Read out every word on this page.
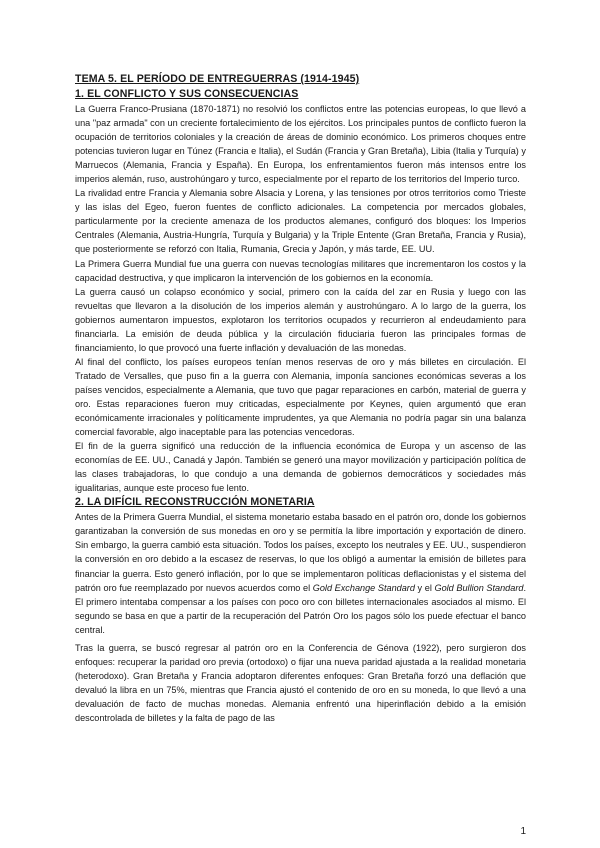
TEMA 5. EL PERÍODO DE ENTREGUERRAS (1914-1945)
1. EL CONFLICTO Y SUS CONSECUENCIAS

La Guerra Franco-Prusiana (1870-1871) no resolvió los conflictos entre las potencias europeas, lo que llevó a una "paz armada" con un creciente fortalecimiento de los ejércitos. Los principales puntos de conflicto fueron la ocupación de territorios coloniales y la creación de áreas de dominio económico. Los primeros choques entre potencias tuvieron lugar en Túnez (Francia e Italia), el Sudán (Francia y Gran Bretaña), Libia (Italia y Turquía) y Marruecos (Alemania, Francia y España). En Europa, los enfrentamientos fueron más intensos entre los imperios alemán, ruso, austrohúngaro y turco, especialmente por el reparto de los territorios del Imperio turco.

La rivalidad entre Francia y Alemania sobre Alsacia y Lorena, y las tensiones por otros territorios como Trieste y las islas del Egeo, fueron fuentes de conflicto adicionales. La competencia por mercados globales, particularmente por la creciente amenaza de los productos alemanes, configuró dos bloques: los Imperios Centrales (Alemania, Austria-Hungría, Turquía y Bulgaria) y la Triple Entente (Gran Bretaña, Francia y Rusia), que posteriormente se reforzó con Italia, Rumania, Grecia y Japón, y más tarde, EE. UU.

La Primera Guerra Mundial fue una guerra con nuevas tecnologías militares que incrementaron los costos y la capacidad destructiva, y que implicaron la intervención de los gobiernos en la economía.

La guerra causó un colapso económico y social, primero con la caída del zar en Rusia y luego con las revueltas que llevaron a la disolución de los imperios alemán y austrohúngaro. A lo largo de la guerra, los gobiernos aumentaron impuestos, explotaron los territorios ocupados y recurrieron al endeudamiento para financiarla. La emisión de deuda pública y la circulación fiduciaria fueron las principales formas de financiamiento, lo que provocó una fuerte inflación y devaluación de las monedas.

Al final del conflicto, los países europeos tenían menos reservas de oro y más billetes en circulación. El Tratado de Versalles, que puso fin a la guerra con Alemania, imponía sanciones económicas severas a los países vencidos, especialmente a Alemania, que tuvo que pagar reparaciones en carbón, material de guerra y oro. Estas reparaciones fueron muy criticadas, especialmente por Keynes, quien argumentó que eran económicamente irracionales y políticamente imprudentes, ya que Alemania no podría pagar sin una balanza comercial favorable, algo inaceptable para las potencias vencedoras.

El fin de la guerra significó una reducción de la influencia económica de Europa y un ascenso de las economías de EE. UU., Canadá y Japón. También se generó una mayor movilización y participación política de las clases trabajadoras, lo que condujo a una demanda de gobiernos democráticos y sociedades más igualitarias, aunque este proceso fue lento.

2. LA DIFÍCIL RECONSTRUCCIÓN MONETARIA

Antes de la Primera Guerra Mundial, el sistema monetario estaba basado en el patrón oro, donde los gobiernos garantizaban la conversión de sus monedas en oro y se permitía la libre importación y exportación de dinero. Sin embargo, la guerra cambió esta situación. Todos los países, excepto los neutrales y EE. UU., suspendieron la conversión en oro debido a la escasez de reservas, lo que los obligó a aumentar la emisión de billetes para financiar la guerra. Esto generó inflación, por lo que se implementaron políticas deflacionistas y el sistema del patrón oro fue reemplazado por nuevos acuerdos como el Gold Exchange Standard y el Gold Bullion Standard. El primero intentaba compensar a los países con poco oro con billetes internacionales asociados al mismo. El segundo se basa en que a partir de la recuperación del Patrón Oro los pagos sólo los puede efectuar el banco central.

Tras la guerra, se buscó regresar al patrón oro en la Conferencia de Génova (1922), pero surgieron dos enfoques: recuperar la paridad oro previa (ortodoxo) o fijar una nueva paridad ajustada a la realidad monetaria (heterodoxo). Gran Bretaña y Francia adoptaron diferentes enfoques: Gran Bretaña forzó una deflación que devaluó la libra en un 75%, mientras que Francia ajustó el contenido de oro en su moneda, lo que llevó a una devaluación de facto de muchas monedas. Alemania enfrentó una hiperinflación debido a la emisión descontrolada de billetes y la falta de pago de las

1
